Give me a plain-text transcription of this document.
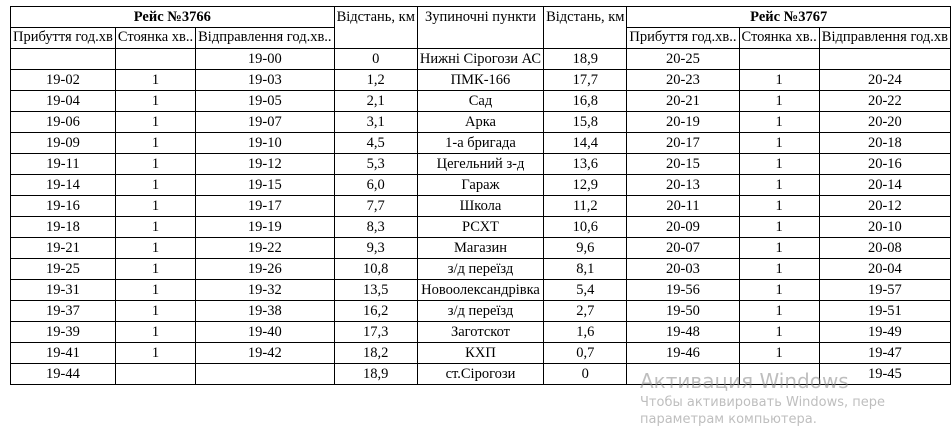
Рейс №3766			Відстань, км	Зупиночні пункти	Відстань, км	Рейс №3767		
Прибуття год.хв	Стоянка хв..	Відправлення год.хв..				Прибуття год.хв..	Стоянка хв..	Відправлення год.хв

		19-00	0	Нижні Сірогози АС	18,9	20-25		
19-02	1	19-03	1,2	ПМК-166	17,7	20-23	1	20-24
19-04	1	19-05	2,1	Сад	16,8	20-21	1	20-22
19-06	1	19-07	3,1	Арка	15,8	20-19	1	20-20
19-09	1	19-10	4,5	1-а бригада	14,4	20-17	1	20-18
19-11	1	19-12	5,3	Цегельний з-д	13,6	20-15	1	20-16
19-14	1	19-15	6,0	Гараж	12,9	20-13	1	20-14
19-16	1	19-17	7,7	Школа	11,2	20-11	1	20-12
19-18	1	19-19	8,3	РСХТ	10,6	20-09	1	20-10
19-21	1	19-22	9,3	Магазин	9,6	20-07	1	20-08
19-25	1	19-26	10,8	з/д переїзд	8,1	20-03	1	20-04
19-31	1	19-32	13,5	Новоолександрівка	5,4	19-56	1	19-57
19-37	1	19-38	16,2	з/д переїзд	2,7	19-50	1	19-51
19-39	1	19-40	17,3	Заготскот	1,6	19-48	1	19-49
19-41	1	19-42	18,2	КХП	0,7	19-46	1	19-47
19-44			18,9	ст.Сірогози	0			19-45
Активация Windows
Чтобы активировать Windows, пере
параметрам компьютера.
